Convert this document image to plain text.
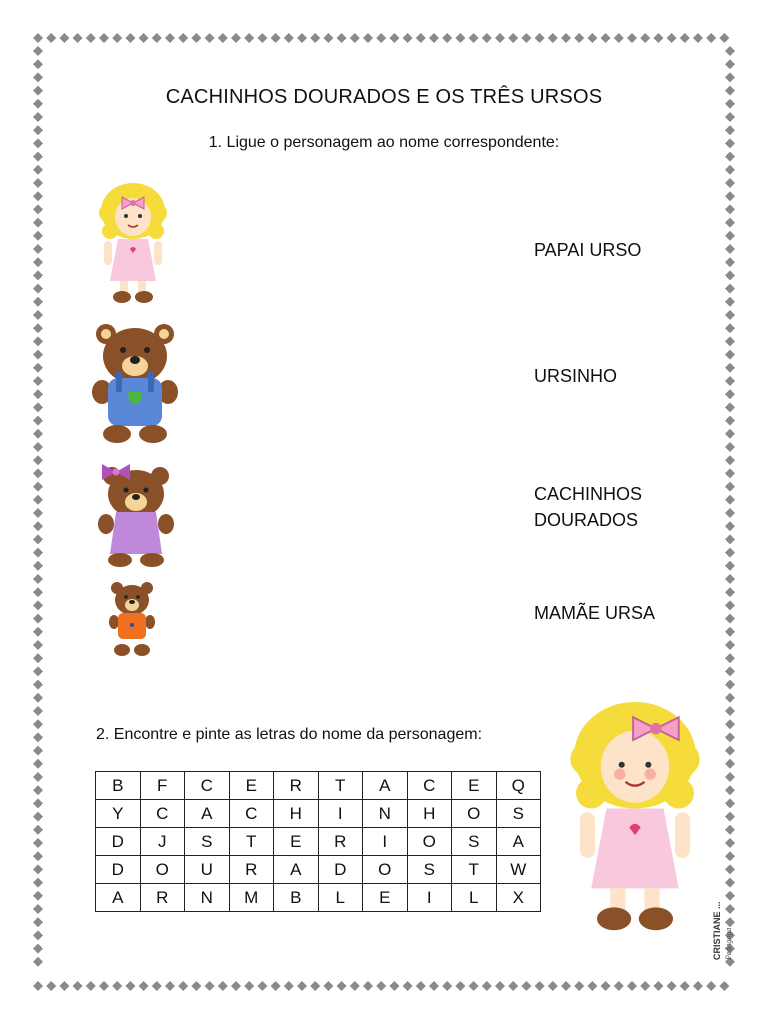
CACHINHOS DOURADOS E OS TRÊS URSOS
1. Ligue o personagem ao nome correspondente:
PAPAI URSO
URSINHO
CACHINHOS
DOURADOS
MAMÃE URSA
2. Encontre e pinte as letras do nome da personagem:
B	F	C	E	R	T	A	C	E	Q
Y	C	A	C	H	I	N	H	O	S
D	J	S	T	E	R	I	O	S	A
D	O	U	R	A	D	O	S	T	W
A	R	N	M	B	L	E	I	L	X
CRISTIANE ... Pedagoga
